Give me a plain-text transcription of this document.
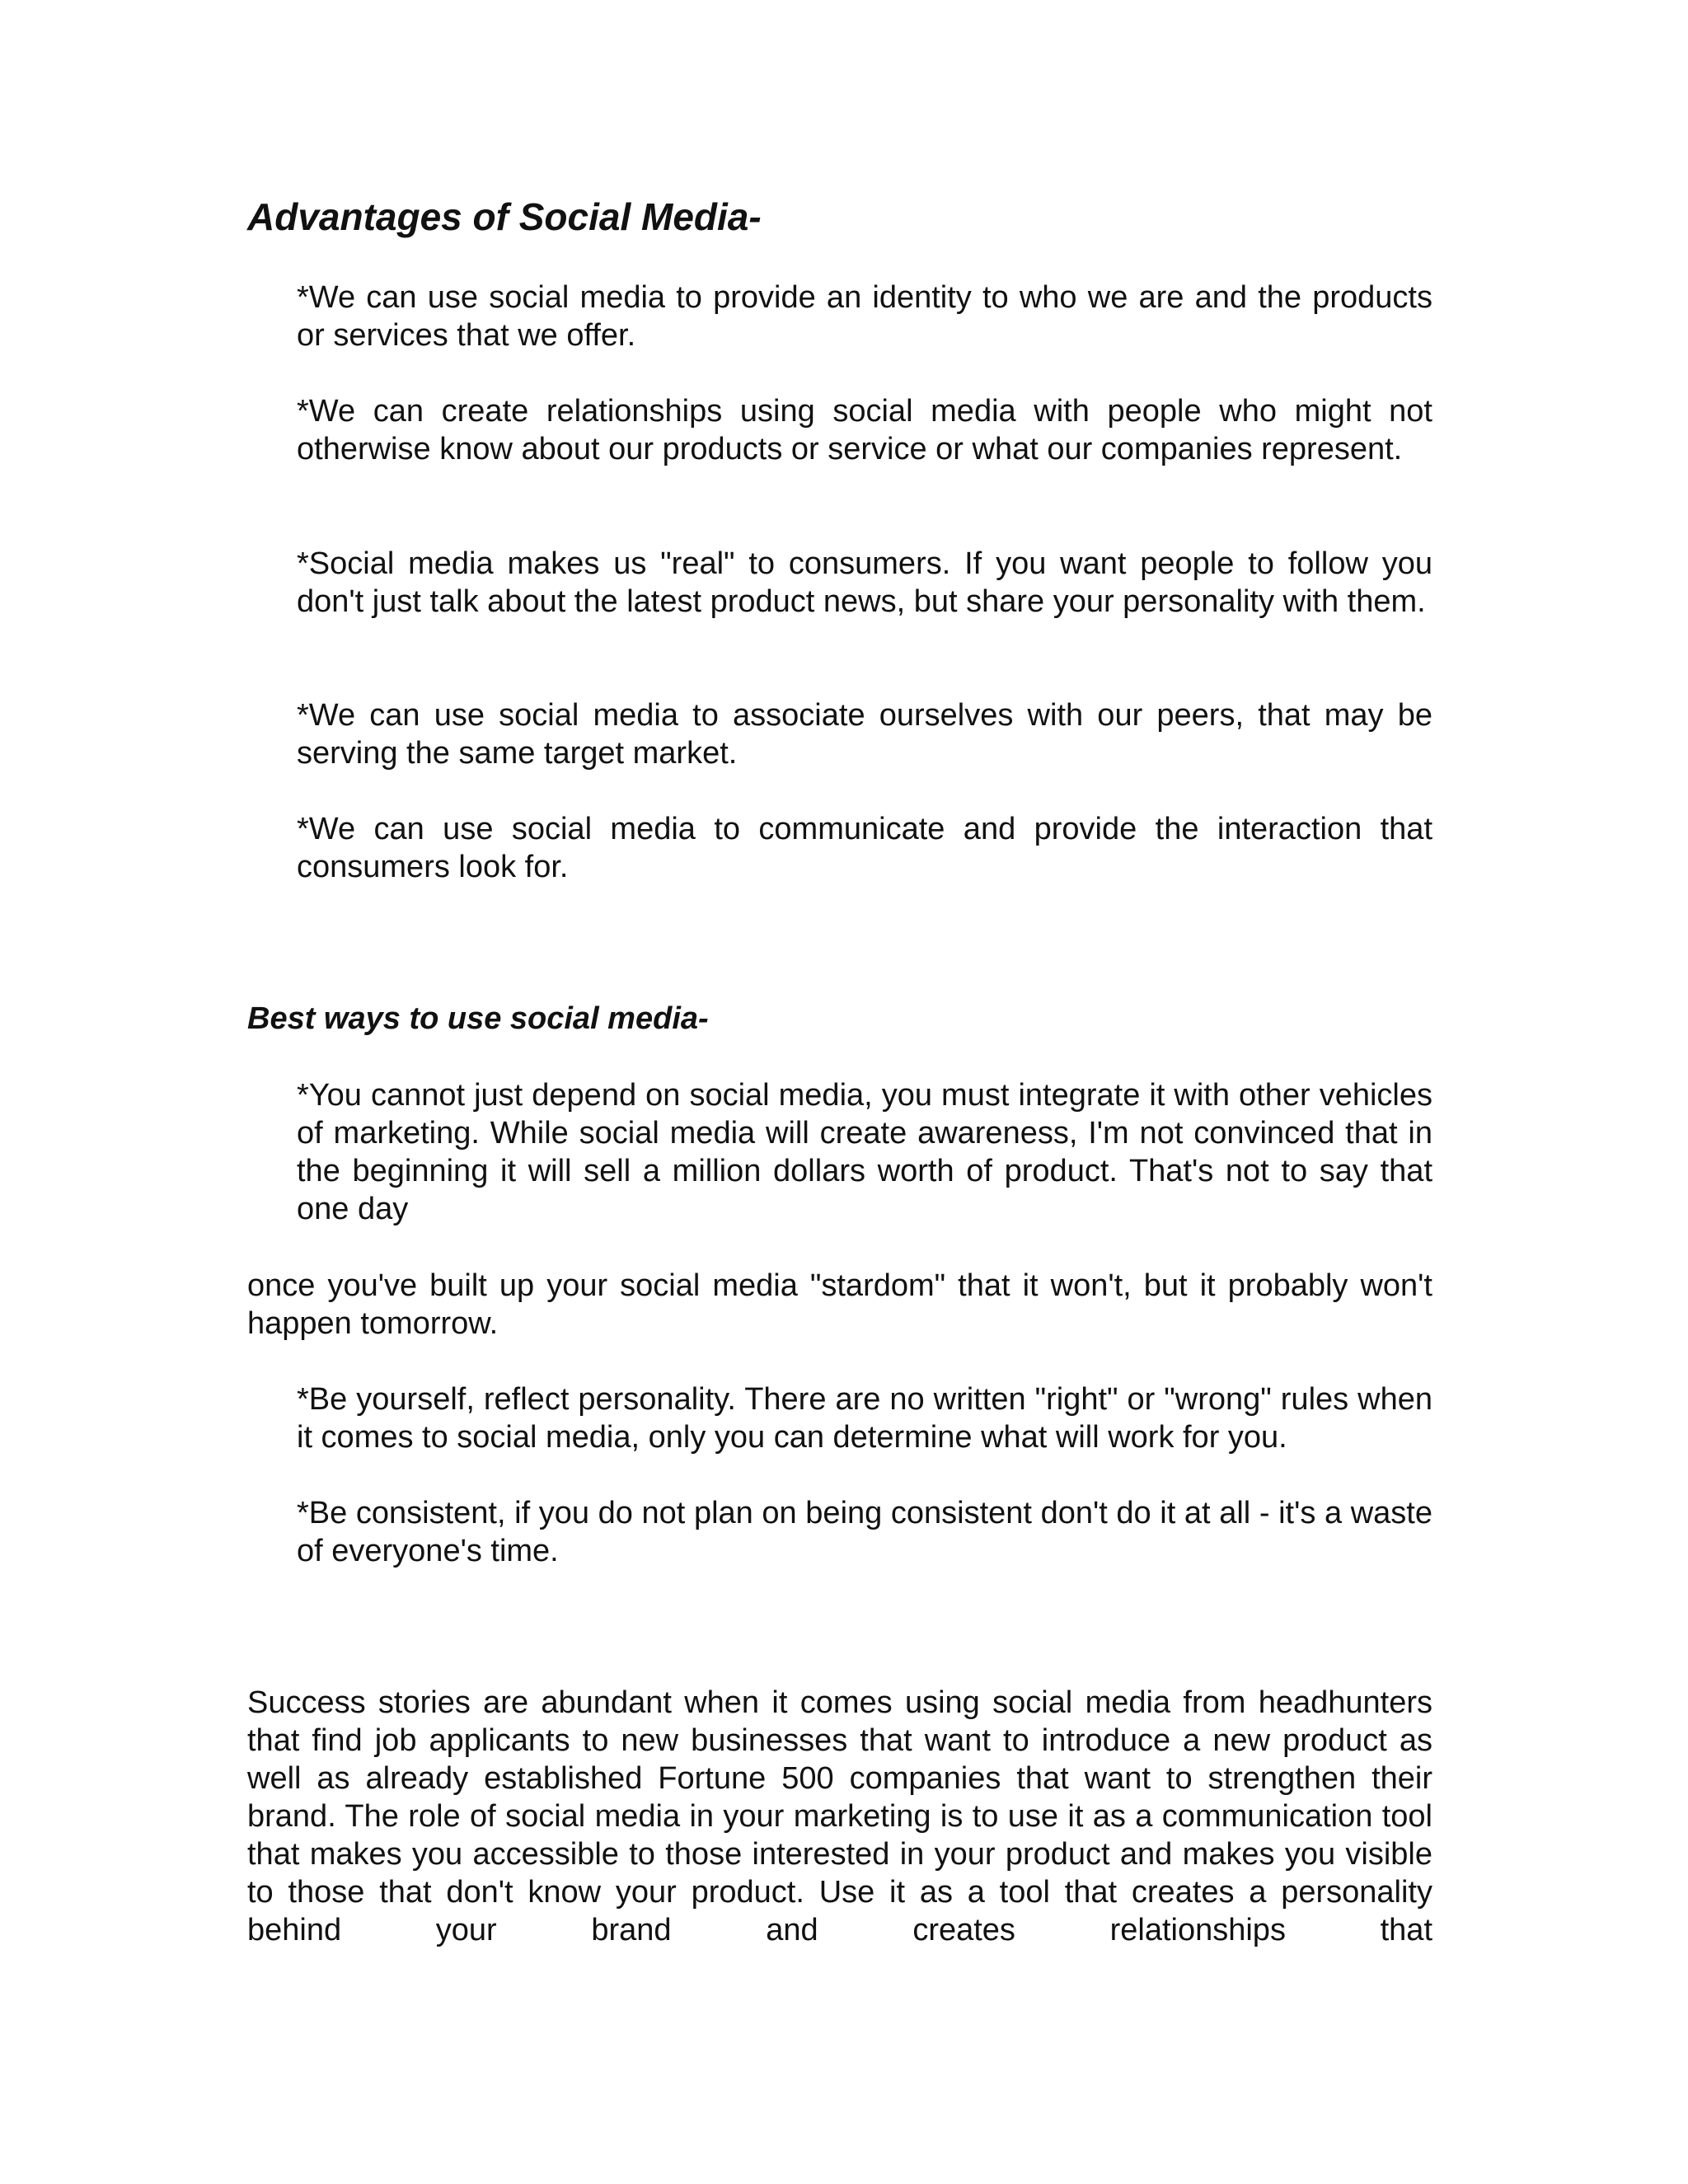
Advantages of Social Media-

*We can use social media to provide an identity to who we are and the products or services that we offer.

*We can create relationships using social media with people who might not otherwise know about our products or service or what our companies represent.

*Social media makes us "real" to consumers. If you want people to follow you don't just talk about the latest product news, but share your personality with them.

*We can use social media to associate ourselves with our peers, that may be serving the same target market.

*We can use social media to communicate and provide the interaction that consumers look for.

Best ways to use social media-

*You cannot just depend on social media, you must integrate it with other vehicles of marketing. While social media will create awareness, I'm not convinced that in the beginning it will sell a million dollars worth of product. That's not to say that one day

once you've built up your social media "stardom" that it won't, but it probably won't happen tomorrow.

*Be yourself, reflect personality. There are no written "right" or "wrong" rules when it comes to social media, only you can determine what will work for you.

*Be consistent, if you do not plan on being consistent don't do it at all - it's a waste of everyone's time.

Success stories are abundant when it comes using social media from headhunters that find job applicants to new businesses that want to introduce a new product as well as already established Fortune 500 companies that want to strengthen their brand. The role of social media in your marketing is to use it as a communication tool that makes you accessible to those interested in your product and makes you visible to those that don't know your product. Use it as a tool that creates a personality behind your brand and creates relationships that
